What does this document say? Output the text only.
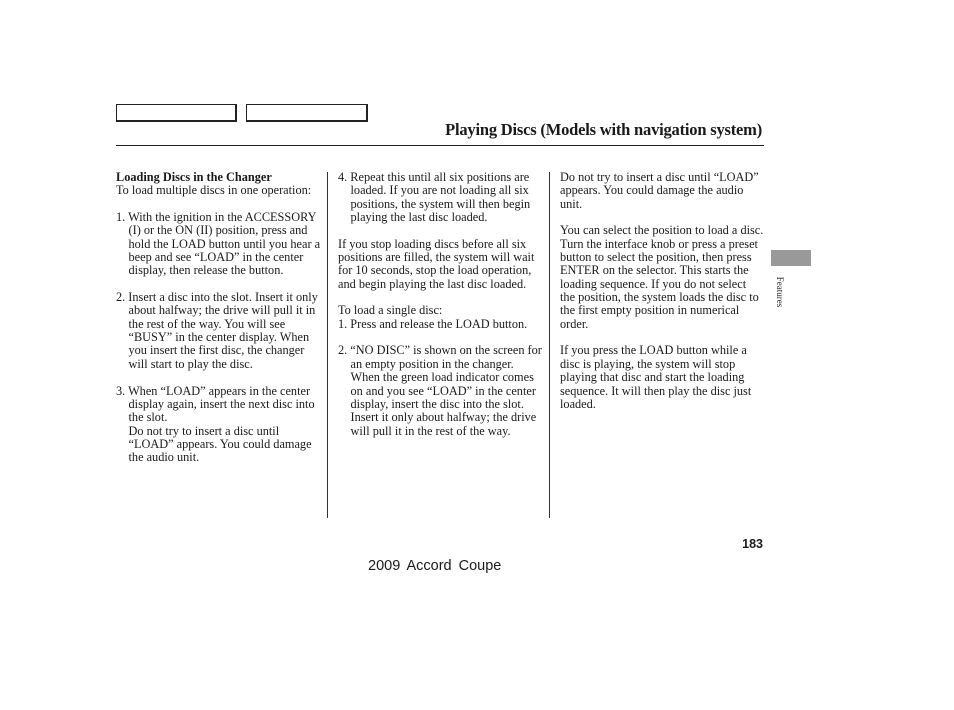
Playing Discs (Models with navigation system)

Loading Discs in the Changer

To load multiple discs in one operation:

1. With the ignition in the ACCESSORY (I) or the ON (II) position, press and hold the LOAD button until you hear a beep and see “LOAD” in the center display, then release the button.

2. Insert a disc into the slot. Insert it only about halfway; the drive will pull it in the rest of the way. You will see “BUSY” in the center display. When you insert the first disc, the changer will start to play the disc.

3. When “LOAD” appears in the center display again, insert the next disc into the slot.

Do not try to insert a disc until “LOAD” appears. You could damage the audio unit.

4. Repeat this until all six positions are loaded. If you are not loading all six positions, the system will then begin playing the last disc loaded.

If you stop loading discs before all six positions are filled, the system will wait for 10 seconds, stop the load operation, and begin playing the last disc loaded.

To load a single disc:

1. Press and release the LOAD button.

2. “NO DISC” is shown on the screen for an empty position in the changer. When the green load indicator comes on and you see “LOAD” in the center display, insert the disc into the slot. Insert it only about halfway; the drive will pull it in the rest of the way.

Do not try to insert a disc until “LOAD” appears. You could damage the audio unit.

You can select the position to load a disc. Turn the interface knob or press a preset button to select the position, then press ENTER on the selector. This starts the loading sequence. If you do not select the position, the system loads the disc to the first empty position in numerical order.

If you press the LOAD button while a disc is playing, the system will stop playing that disc and start the loading sequence. It will then play the disc just loaded.

Features
183
2009 Accord Coupe
